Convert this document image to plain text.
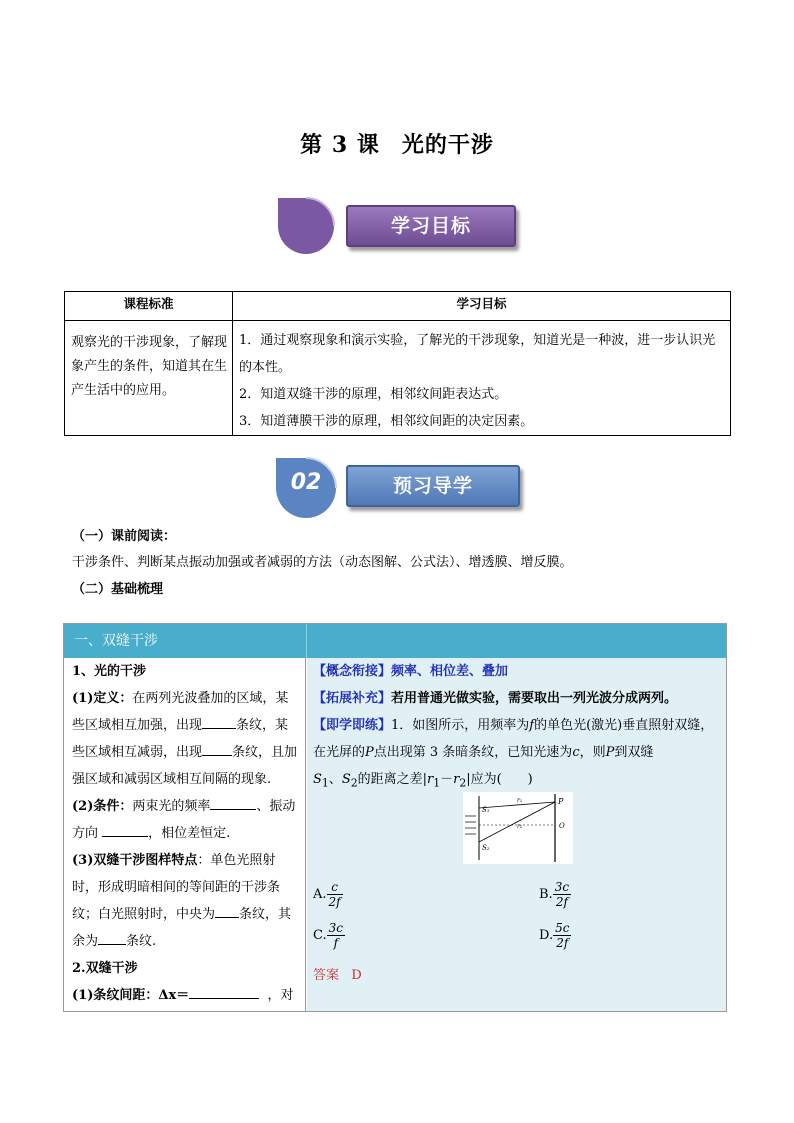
第 3 课 光的干涉
学习目标
课程标准	学习目标
观察光的干涉现象，了解现象产生的条件，知道其在生产生活中的应用。	1．通过观察现象和演示实验，了解光的干涉现象，知道光是一种波，进一步认识光的本性。
2．知道双缝干涉的原理，相邻纹间距表达式。
3．知道薄膜干涉的原理，相邻纹间距的决定因素。
02	预习导学
（一）课前阅读：
干涉条件、判断某点振动加强或者减弱的方法（动态图解、公式法）、增透膜、增反膜。
（二）基础梳理
一、双缝干涉
1、光的干涉
(1)定义：在两列光波叠加的区域，某些区域相互加强，出现	条纹，某些区域相互减弱，出现 条纹，且加强区域和减弱区域相互间隔的现象.
(2)条件：两束光的频率	、振动方向	，相位差恒定.
(3)双缝干涉图样特点：单色光照射时，形成明暗相间的等间距的干涉条纹；白光照射时，中央为 条纹，其余为 条纹.
2.双缝干涉
(1)条纹间距：Δx＝	，对
【概念衔接】频率、相位差、叠加
【拓展补充】若用普通光做实验，需要取出一列光波分成两列。
【即学即练】1．如图所示，用频率为f的单色光(激光)垂直照射双缝，在光屏的P点出现第 3 条暗条纹，已知光速为c，则P到双缝
$S_1$、$S_2$的距离之差$|r_1-r_2|$应为(　　)
S₁
S₂
r₁
r₂
P
O
A. $\frac{c}{2f}$	B. $\frac{3c}{2f}$
C. $\frac{3c}{f}$	D. $\frac{5c}{2f}$
答案 D
